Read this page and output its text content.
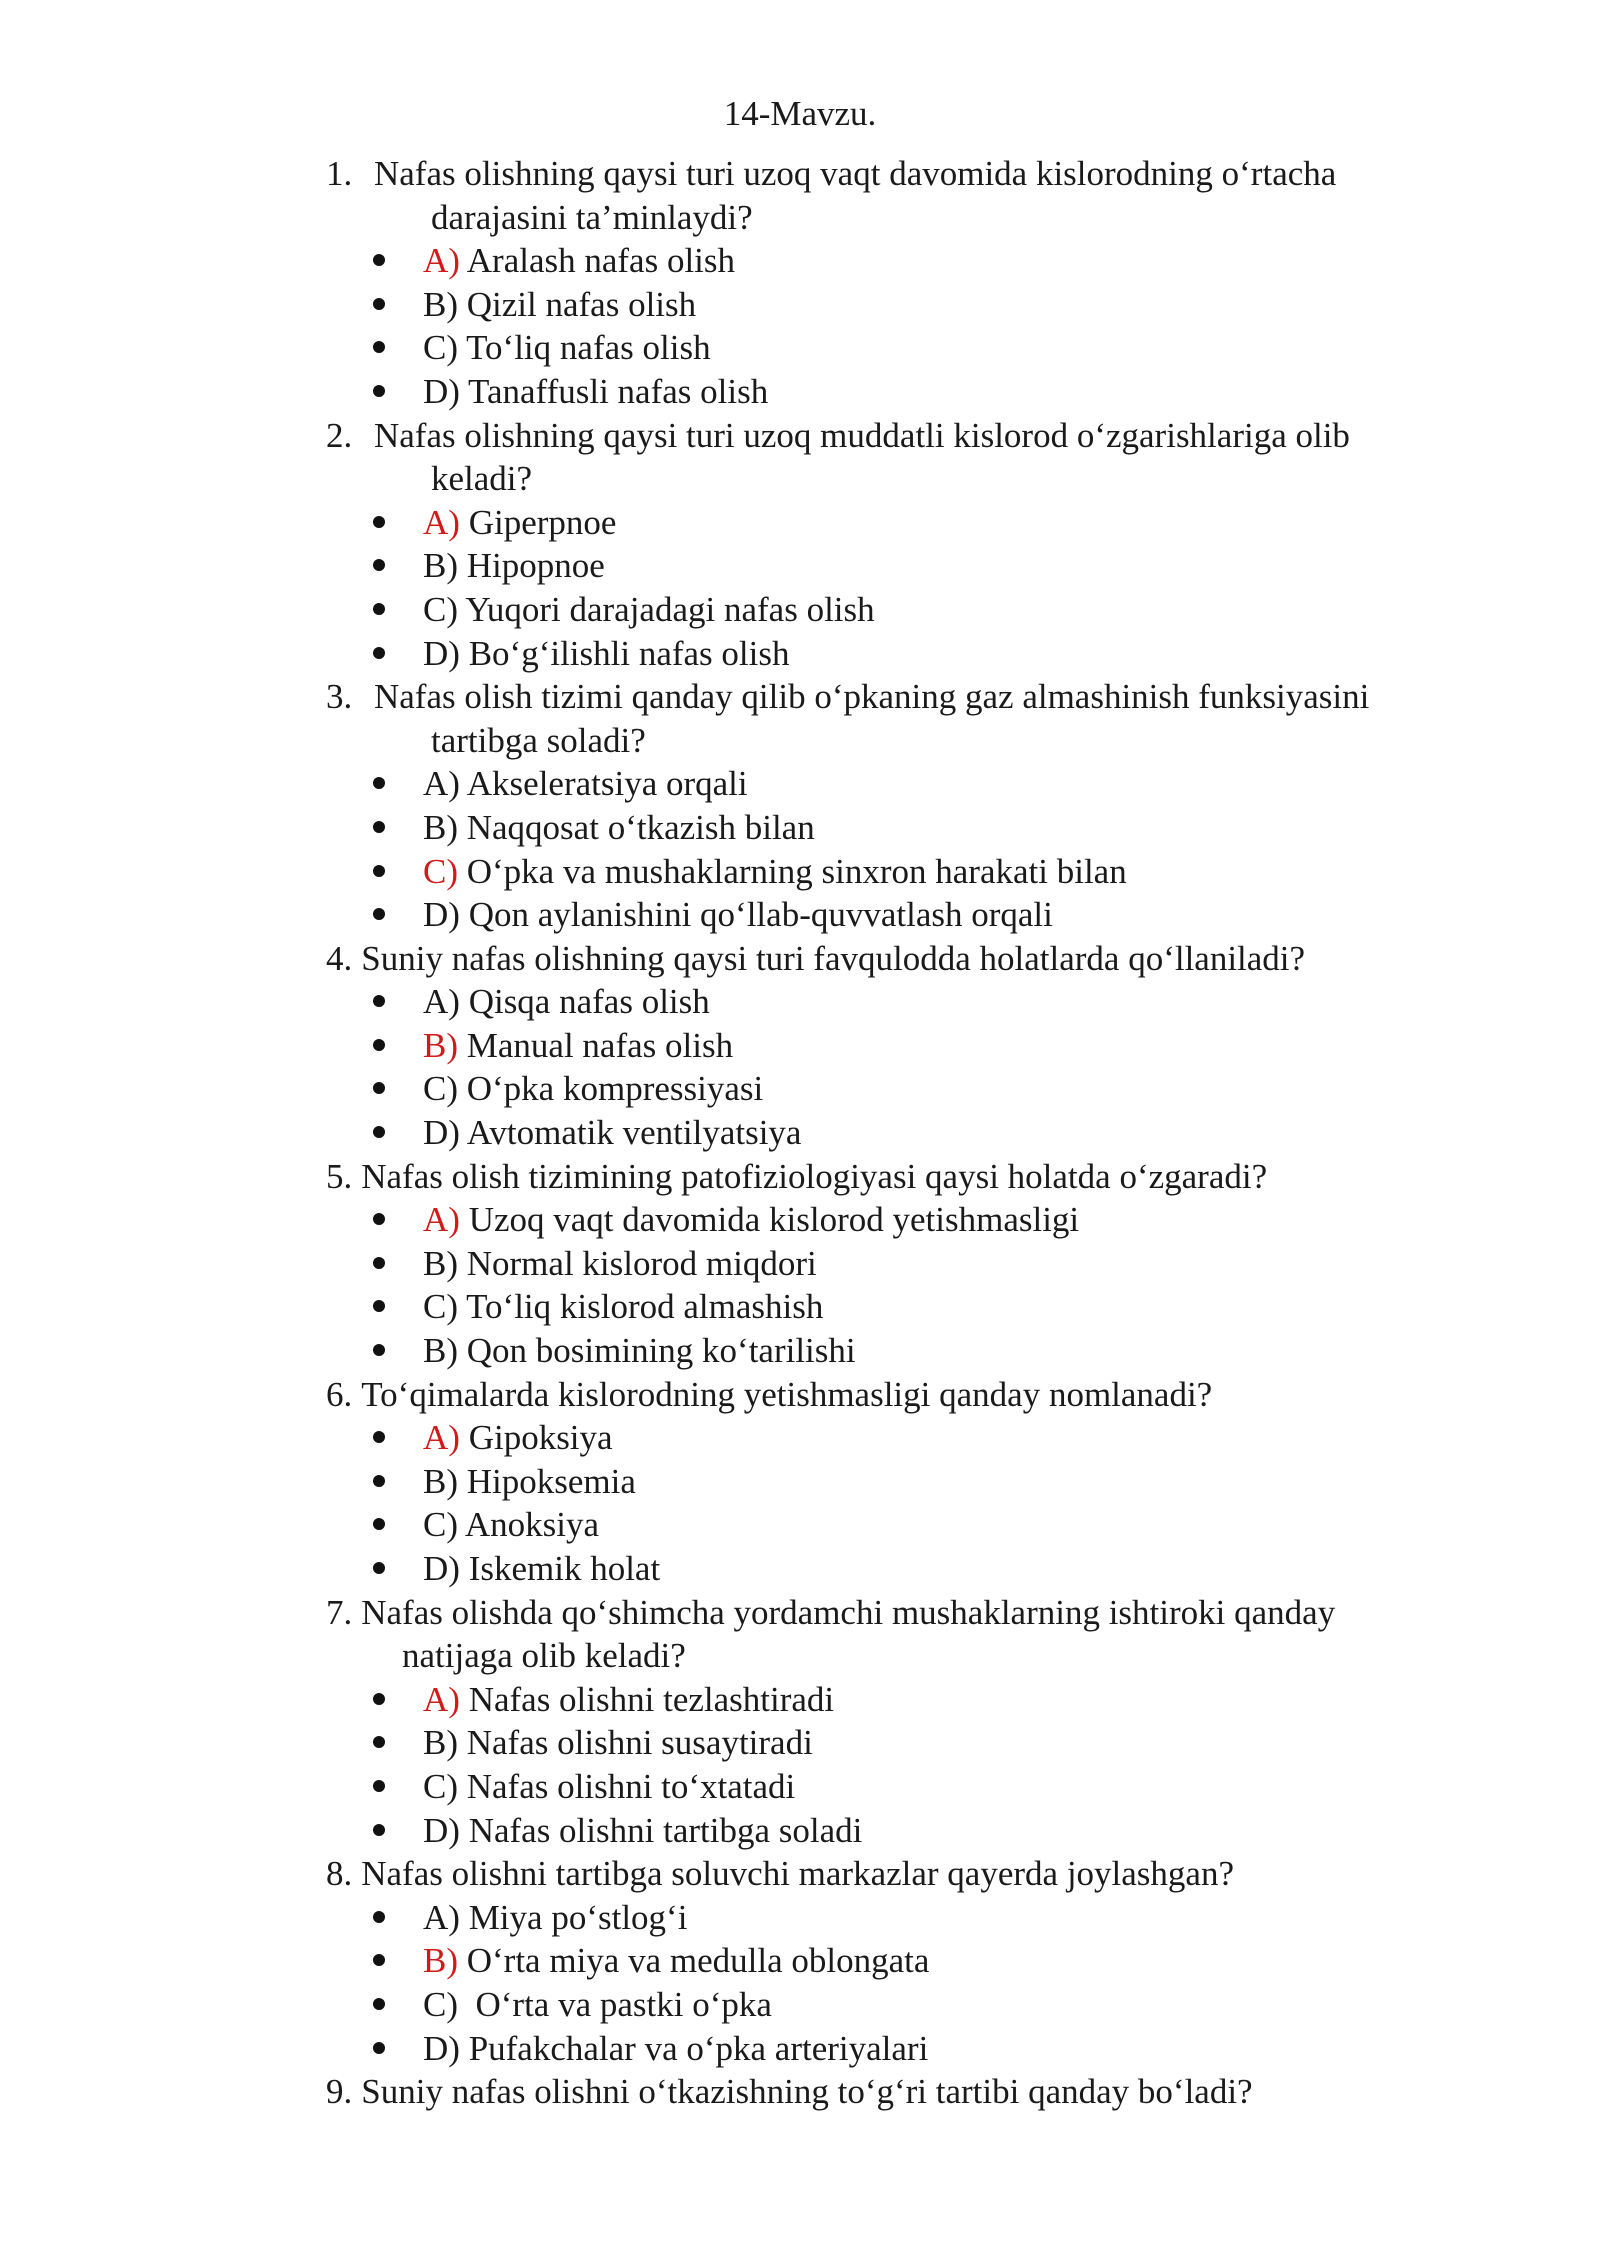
14-Mavzu.
1. Nafas olishning qaysi turi uzoq vaqt davomida kislorodning o‘rtacha
darajasini ta’minlaydi?
A) Aralash nafas olish
B) Qizil nafas olish
C) To‘liq nafas olish
D) Tanaffusli nafas olish
2. Nafas olishning qaysi turi uzoq muddatli kislorod o‘zgarishlariga olib
keladi?
A) Giperpnoe
B) Hipopnoe
C) Yuqori darajadagi nafas olish
D) Bo‘g‘ilishli nafas olish
3. Nafas olish tizimi qanday qilib o‘pkaning gaz almashinish funksiyasini
tartibga soladi?
A) Akseleratsiya orqali
B) Naqqosat o‘tkazish bilan
C) O‘pka va mushaklarning sinxron harakati bilan
D) Qon aylanishini qo‘llab-quvvatlash orqali
4. Suniy nafas olishning qaysi turi favqulodda holatlarda qo‘llaniladi?
A) Qisqa nafas olish
B) Manual nafas olish
C) O‘pka kompressiyasi
D) Avtomatik ventilyatsiya
5. Nafas olish tizimining patofiziologiyasi qaysi holatda o‘zgaradi?
A) Uzoq vaqt davomida kislorod yetishmasligi
B) Normal kislorod miqdori
C) To‘liq kislorod almashish
B) Qon bosimining ko‘tarilishi
6. To‘qimalarda kislorodning yetishmasligi qanday nomlanadi?
A) Gipoksiya
B) Hipoksemia
C) Anoksiya
D) Iskemik holat
7. Nafas olishda qo‘shimcha yordamchi mushaklarning ishtiroki qanday
natijaga olib keladi?
A) Nafas olishni tezlashtiradi
B) Nafas olishni susaytiradi
C) Nafas olishni to‘xtatadi
D) Nafas olishni tartibga soladi
8. Nafas olishni tartibga soluvchi markazlar qayerda joylashgan?
A) Miya po‘stlog‘i
B) O‘rta miya va medulla oblongata
C)  O‘rta va pastki o‘pka
D) Pufakchalar va o‘pka arteriyalari
9. Suniy nafas olishni o‘tkazishning to‘g‘ri tartibi qanday bo‘ladi?
